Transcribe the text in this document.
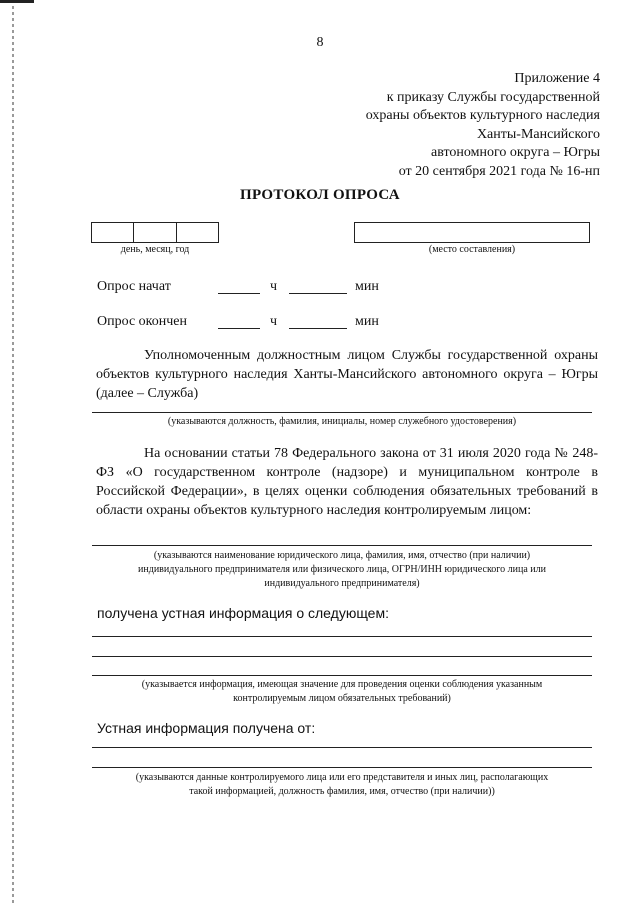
8
Приложение 4
к приказу Службы государственной
охраны объектов культурного наследия
Ханты-Мансийского
автономного округа – Югры
от 20 сентября 2021 года № 16-нп
ПРОТОКОЛ ОПРОСА
день, месяц, год	(место составления)
Опрос начат	ч	мин
Опрос окончен	ч	мин
Уполномоченным должностным лицом Службы государственной охраны объектов культурного наследия Ханты-Мансийского автономного округа – Югры (далее – Служба)
(указываются должность, фамилия, инициалы, номер служебного удостоверения)
На основании статьи 78 Федерального закона от 31 июля 2020 года № 248-ФЗ «О государственном контроле (надзоре) и муниципальном контроле в Российской Федерации», в целях оценки соблюдения обязательных требований в области охраны объектов культурного наследия контролируемым лицом:
(указываются наименование юридического лица, фамилия, имя, отчество (при наличии)
индивидуального предпринимателя или физического лица, ОГРН/ИНН юридического лица или
индивидуального предпринимателя)
получена устная информация о следующем:
(указывается информация, имеющая значение для проведения оценки соблюдения указанным
контролируемым лицом обязательных требований)
Устная информация получена от:
(указываются данные контролируемого лица или его представителя и иных лиц, располагающих
такой информацией, должность фамилия, имя, отчество (при наличии))
